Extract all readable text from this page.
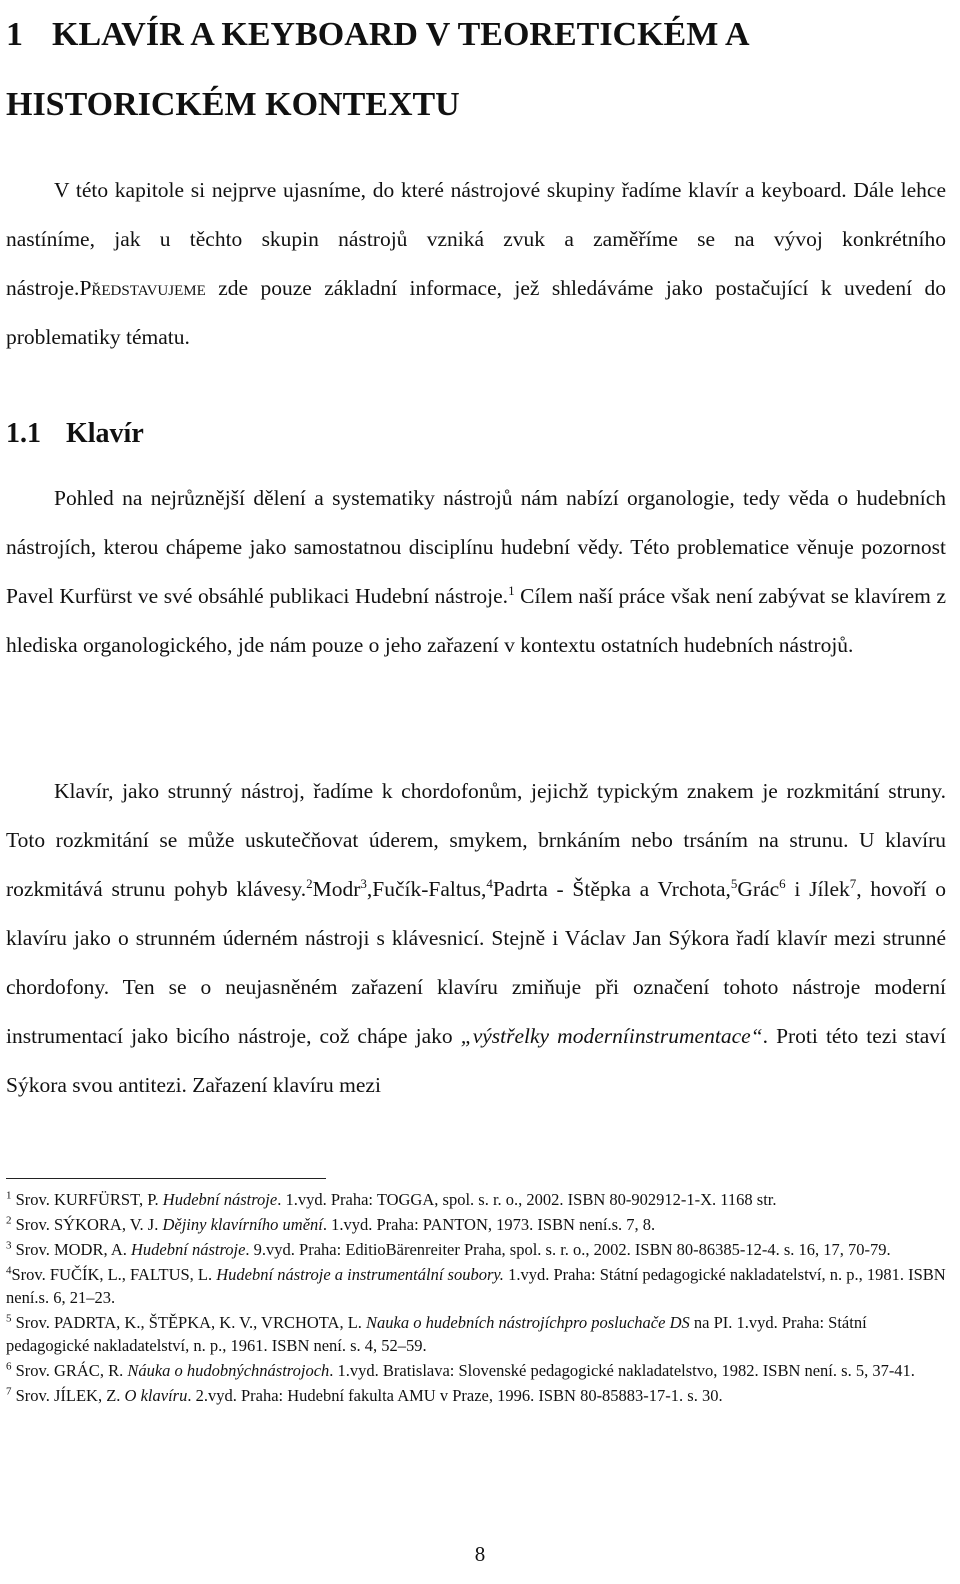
1 KLAVÍR A KEYBOARD V TEORETICKÉM A HISTORICKÉM KONTEXTU

V této kapitole si nejprve ujasníme, do které nástrojové skupiny řadíme klavír a keyboard. Dále lehce nastíníme, jak u těchto skupin nástrojů vzniká zvuk a zaměříme se na vývoj konkrétního nástroje.Představujeme zde pouze základní informace, jež shledáváme jako postačující k uvedení do problematiky tématu.

1.1 Klavír

Pohled na nejrůznější dělení a systematiky nástrojů nám nabízí organologie, tedy věda o hudebních nástrojích, kterou chápeme jako samostatnou disciplínu hudební vědy. Této problematice věnuje pozornost Pavel Kurfürst ve své obsáhlé publikaci Hudební nástroje.$^1$ Cílem naší práce však není zabývat se klavírem z hlediska organologického, jde nám pouze o jeho zařazení v kontextu ostatních hudebních nástrojů.

Klavír, jako strunný nástroj, řadíme k chordofonům, jejichž typickým znakem je rozkmitání struny. Toto rozkmitání se může uskutečňovat úderem, smykem, brnkáním nebo trsáním na strunu. U klavíru rozkmitává strunu pohyb klávesy.$^2$Modr$^3$,Fučík-Faltus,$^4$Padrta - Štěpka a Vrchota,$^5$Grác$^6$ i Jílek$^7$, hovoří o klavíru jako o strunném úderném nástroji s klávesnicí. Stejně i Václav Jan Sýkora řadí klavír mezi strunné chordofony. Ten se o neujasněném zařazení klavíru zmiňuje při označení tohoto nástroje moderní instrumentací jako bicího nástroje, což chápe jako „výstřelky moderníinstrumentace“. Proti této tezi staví Sýkora svou antitezi. Zařazení klavíru mezi

$^1$ Srov. KURFÜRST, P. Hudební nástroje. 1.vyd. Praha: TOGGA, spol. s. r. o., 2002. ISBN 80-902912-1-X. 1168 str.

$^2$ Srov. SÝKORA, V. J. Dějiny klavírního umění. 1.vyd. Praha: PANTON, 1973. ISBN není.s. 7, 8.

$^3$ Srov. MODR, A. Hudební nástroje. 9.vyd. Praha: EditioBärenreiter Praha, spol. s. r. o., 2002. ISBN 80-86385-12-4. s. 16, 17, 70-79.

$^4$Srov. FUČÍK, L., FALTUS, L. Hudební nástroje a instrumentální soubory. 1.vyd. Praha: Státní pedagogické nakladatelství, n. p., 1981. ISBN není.s. 6, 21–23.

$^5$ Srov. PADRTA, K., ŠTĚPKA, K. V., VRCHOTA, L. Nauka o hudebních nástrojíchpro posluchače DS na PI. 1.vyd. Praha: Státní pedagogické nakladatelství, n. p., 1961. ISBN není. s. 4, 52–59.

$^6$ Srov. GRÁC, R. Náuka o hudobnýchnástrojoch. 1.vyd. Bratislava: Slovenské pedagogické nakladatelstvo, 1982. ISBN není. s. 5, 37-41.

$^7$ Srov. JÍLEK, Z. O klavíru. 2.vyd. Praha: Hudební fakulta AMU v Praze, 1996. ISBN 80-85883-17-1. s. 30.

8
